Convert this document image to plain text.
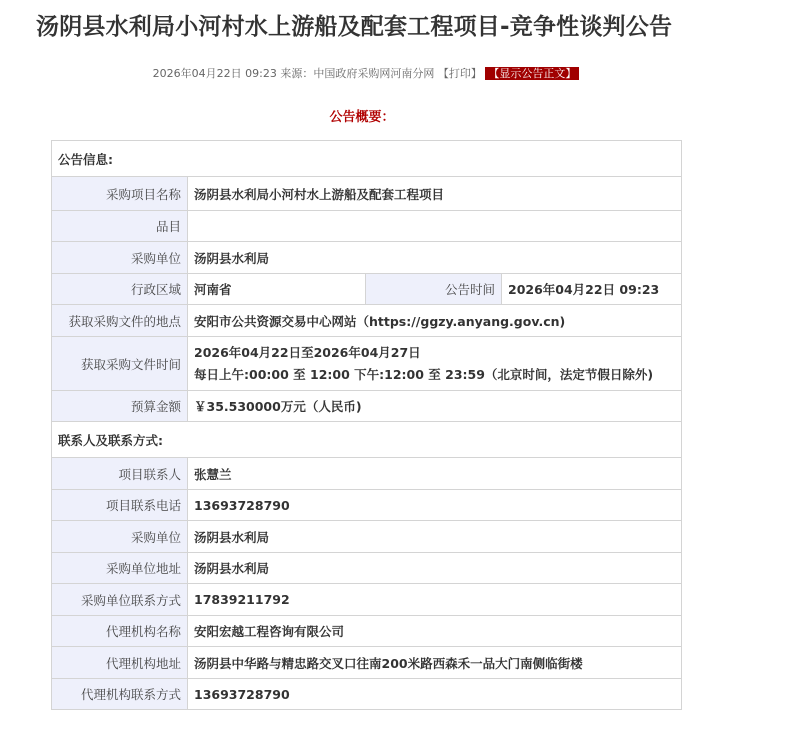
汤阴县水利局小河村水上游船及配套工程项目-竞争性谈判公告
2026年04月22日 09:23 来源：中国政府采购网河南分网 【打印】 【显示公告正文】
公告概要：
公告信息:			
采购项目名称	汤阴县水利局小河村水上游船及配套工程项目		
品目			
采购单位	汤阴县水利局		
行政区域	河南省	公告时间	2026年04月22日 09:23
获取采购文件的地点	安阳市公共资源交易中心网站（https://ggzy.anyang.gov.cn)		
获取采购文件时间	2026年04月22日至2026年04月27日
每日上午:00:00 至 12:00 下午:12:00 至 23:59（北京时间，法定节假日除外)		

预算金额	￥35.530000万元（人民币)		
联系人及联系方式:			
项目联系人	张慧兰		
项目联系电话	13693728790		
采购单位	汤阴县水利局		
采购单位地址	汤阴县水利局		
采购单位联系方式	17839211792		
代理机构名称	安阳宏越工程咨询有限公司		
代理机构地址	汤阴县中华路与精忠路交叉口往南200米路西森禾一品大门南侧临街楼		
代理机构联系方式	13693728790		
